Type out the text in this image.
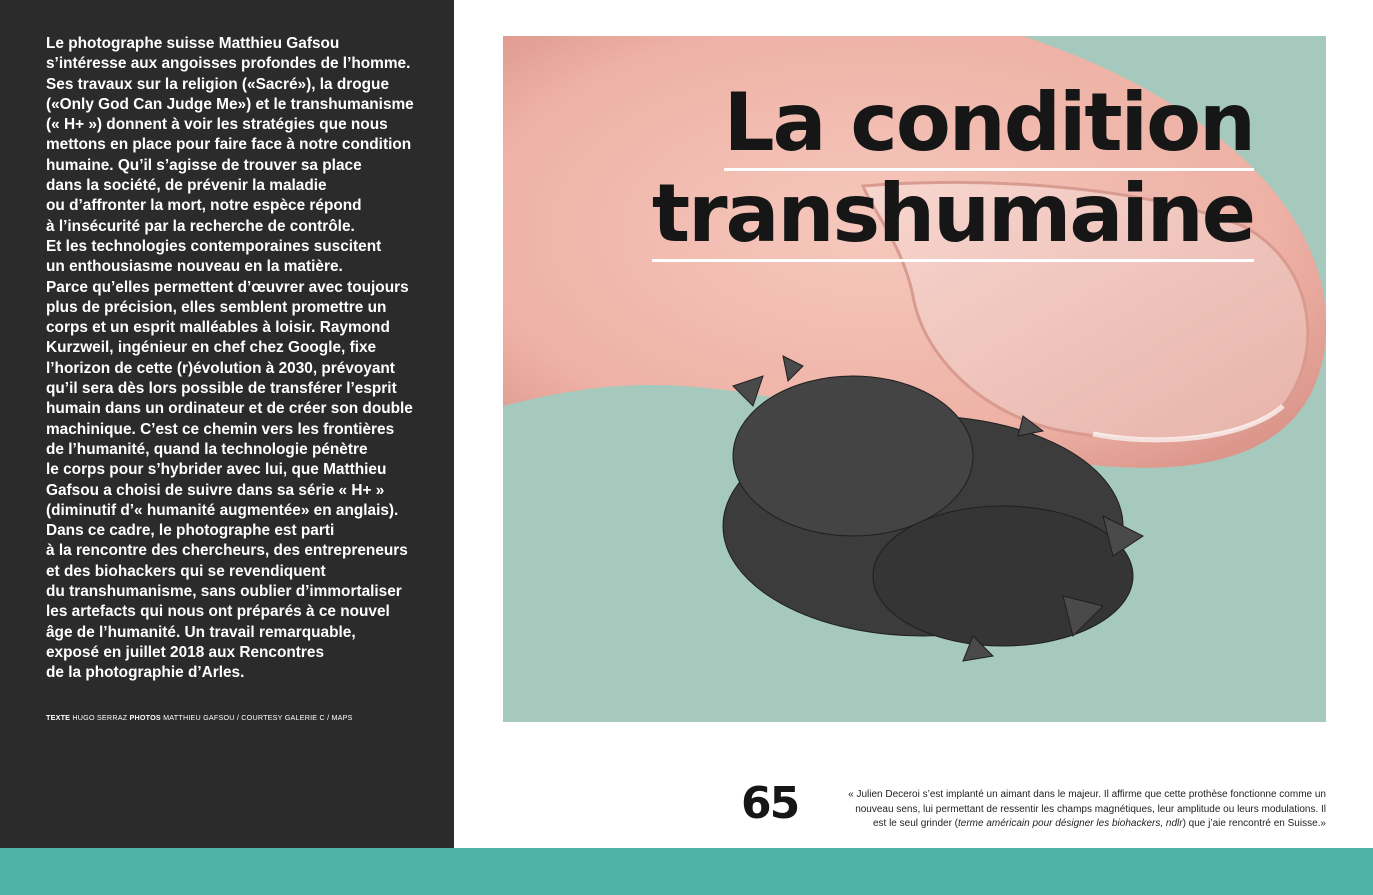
Le photographe suisse Matthieu Gafsou
s’intéresse aux angoisses profondes de l’homme.
Ses travaux sur la religion («Sacré»), la drogue
(«Only God Can Judge Me») et le transhumanisme
(« H+ ») donnent à voir les stratégies que nous
mettons en place pour faire face à notre condition
humaine. Qu’il s’agisse de trouver sa place
dans la société, de prévenir la maladie
ou d’affronter la mort, notre espèce répond
à l’insécurité par la recherche de contrôle.
Et les technologies contemporaines suscitent
un enthousiasme nouveau en la matière.
Parce qu’elles permettent d’œuvrer avec toujours
plus de précision, elles semblent promettre un
corps et un esprit malléables à loisir. Raymond
Kurzweil, ingénieur en chef chez Google, fixe
l’horizon de cette (r)évolution à 2030, prévoyant
qu’il sera dès lors possible de transférer l’esprit
humain dans un ordinateur et de créer son double
machinique. C’est ce chemin vers les frontières
de l’humanité, quand la technologie pénètre
le corps pour s’hybrider avec lui, que Matthieu
Gafsou a choisi de suivre dans sa série « H+ »
(diminutif d’« humanité augmentée» en anglais).
Dans ce cadre, le photographe est parti
à la rencontre des chercheurs, des entrepreneurs
et des biohackers qui se revendiquent
du transhumanisme, sans oublier d’immortaliser
les artefacts qui nous ont préparés à ce nouvel
âge de l’humanité. Un travail remarquable,
exposé en juillet 2018 aux Rencontres
de la photographie d’Arles.

TEXTE HUGO SERRAZ PHOTOS MATTHIEU GAFSOU / COURTESY GALERIE C / MAPS
La condition
transhumaine
65	« Julien Deceroi s’est implanté un aimant dans le majeur. Il affirme que cette prothèse fonctionne comme un nouveau sens, lui permettant de ressentir les champs magnétiques, leur amplitude ou leurs modulations. Il est le seul grinder (terme américain pour désigner les biohackers, ndlr) que j’aie rencontré en Suisse.»
